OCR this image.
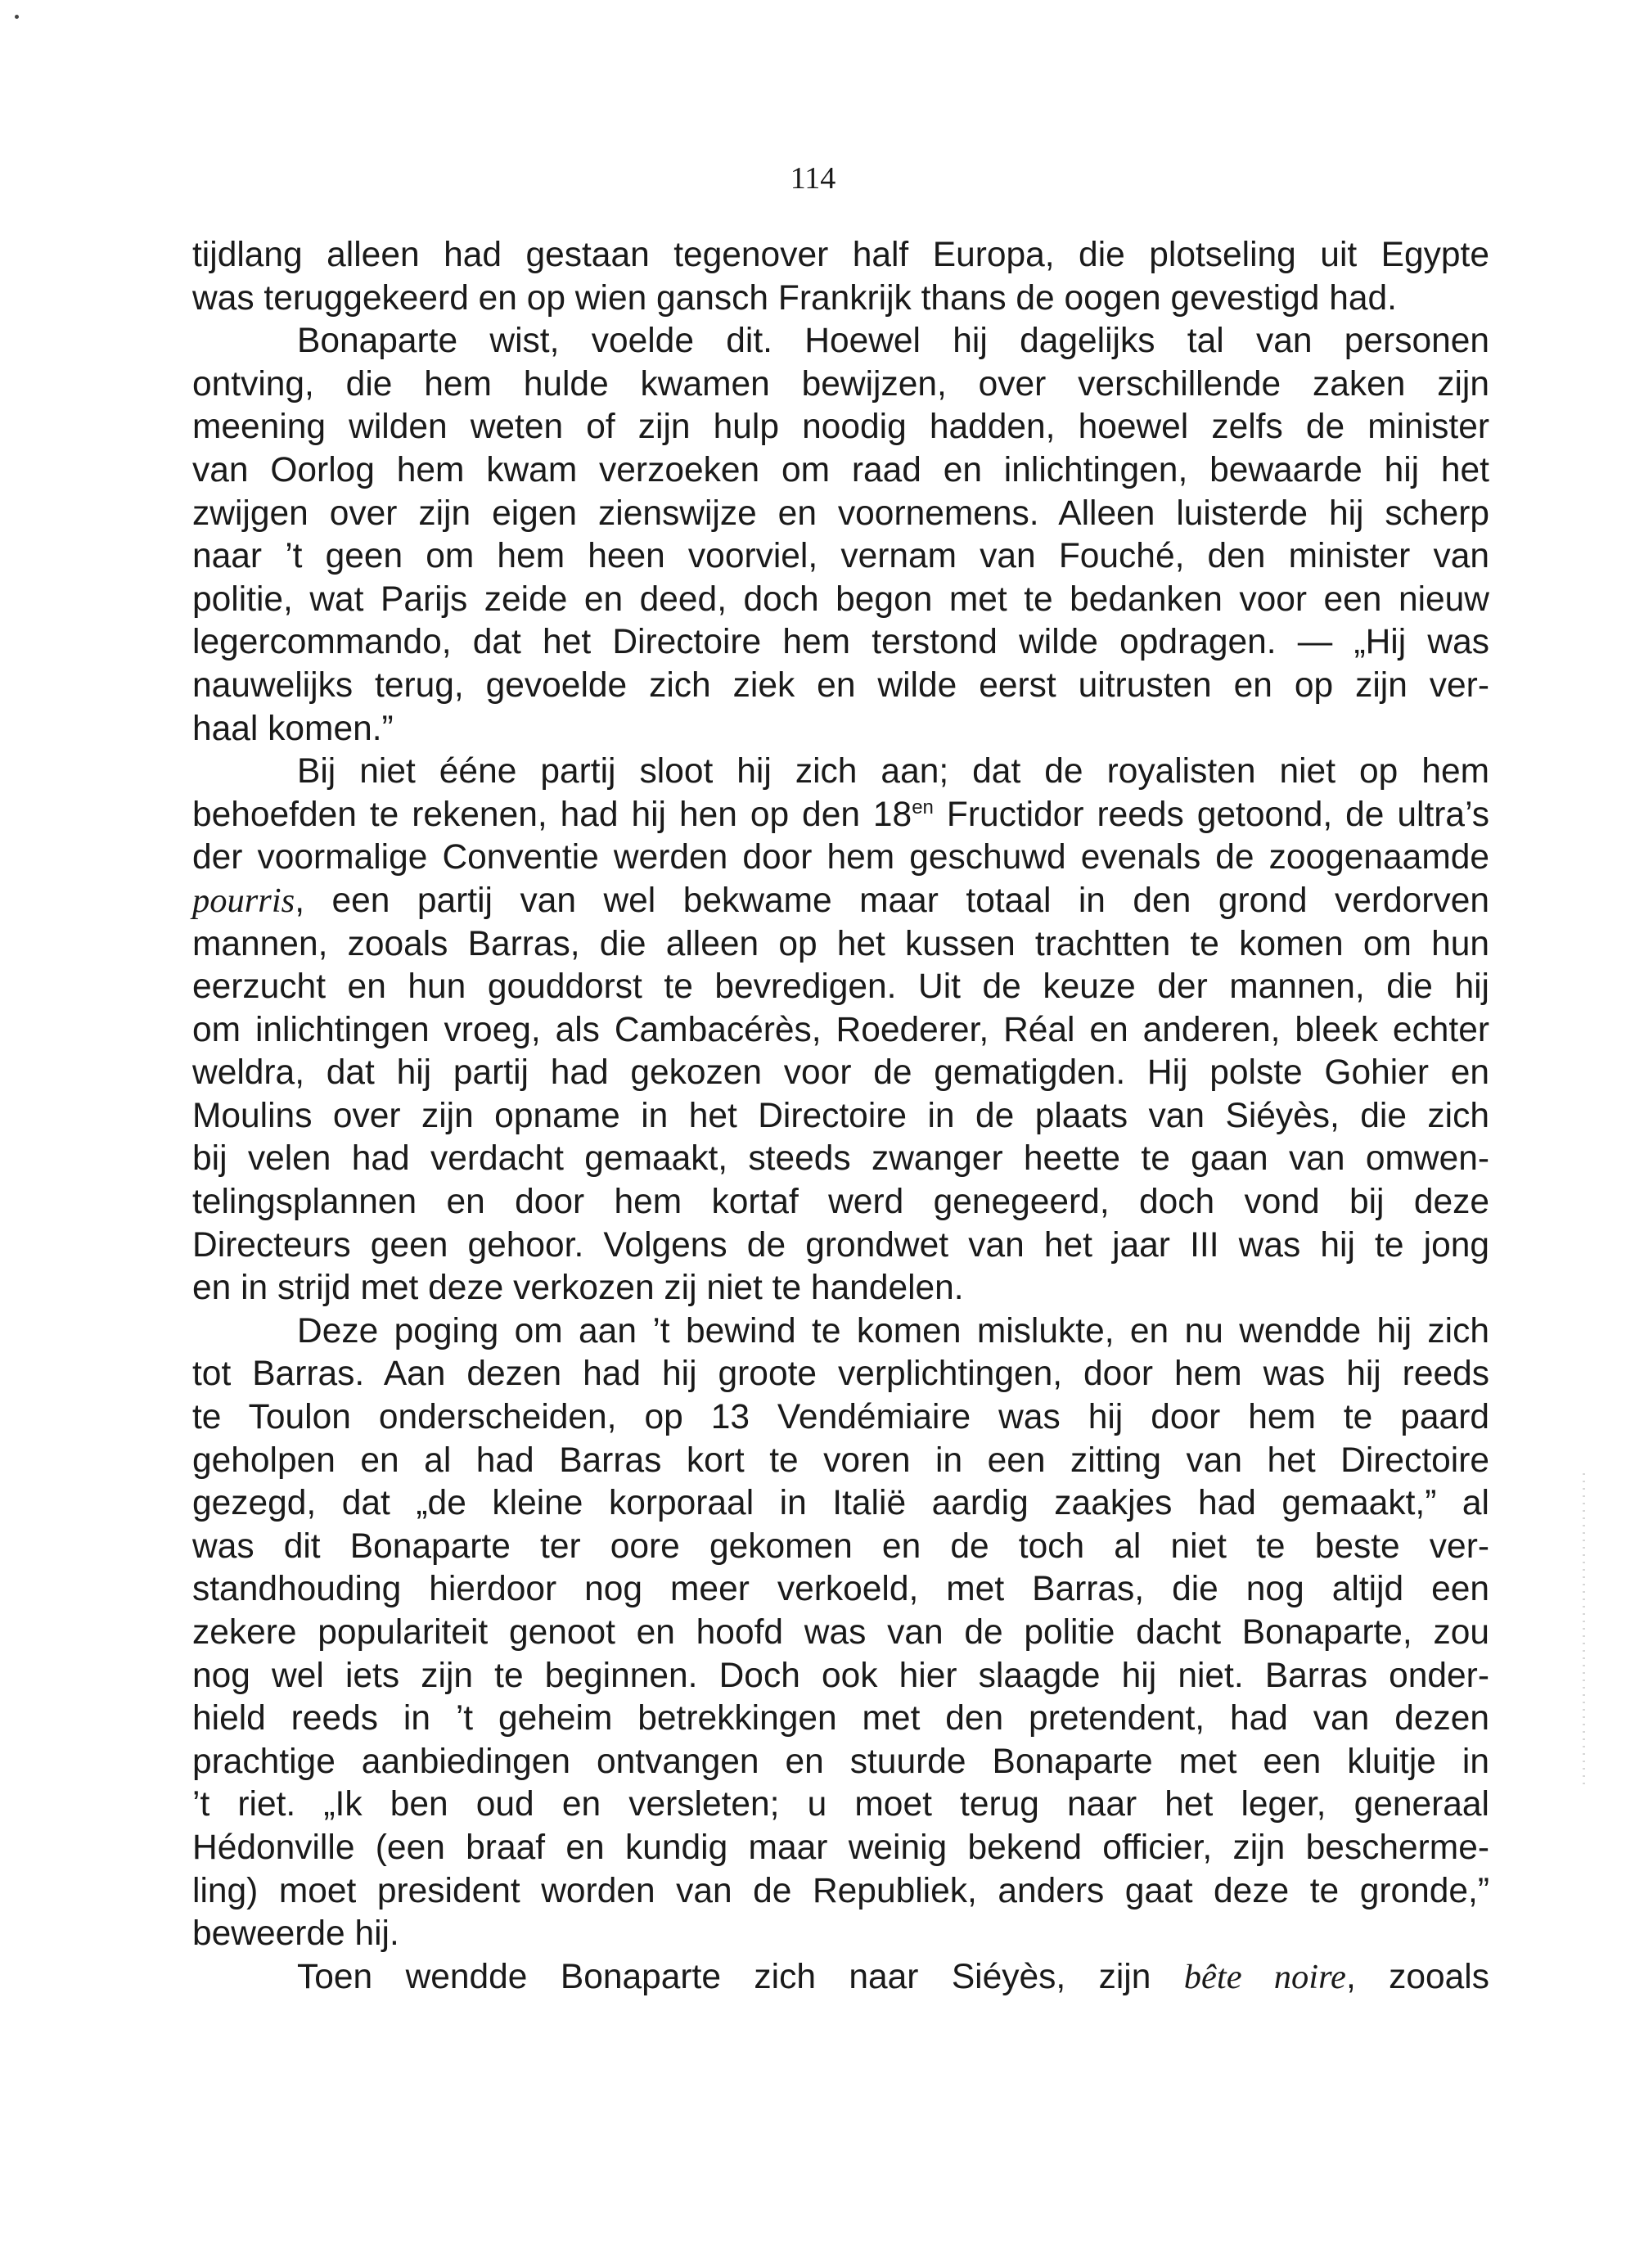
114
tijdlang alleen had gestaan tegenover half Europa, die plotseling uit Egypte
was teruggekeerd en op wien gansch Frankrijk thans de oogen gevestigd had.
Bonaparte wist, voelde dit. Hoewel hij dagelijks tal van personen
ontving, die hem hulde kwamen bewijzen, over verschillende zaken zijn
meening wilden weten of zijn hulp noodig hadden, hoewel zelfs de minister
van Oorlog hem kwam verzoeken om raad en inlichtingen, bewaarde hij het
zwijgen over zijn eigen zienswijze en voornemens. Alleen luisterde hij scherp
naar ’t geen om hem heen voorviel, vernam van Fouché, den minister van
politie, wat Parijs zeide en deed, doch begon met te bedanken voor een nieuw
legercommando, dat het Directoire hem terstond wilde opdragen. — „Hij was
nauwelijks terug, gevoelde zich ziek en wilde eerst uitrusten en op zijn ver-
haal komen.”
Bij niet ééne partij sloot hij zich aan; dat de royalisten niet op hem
behoefden te rekenen, had hij hen op den $18^{en}$ Fructidor reeds getoond, de ultra’s
der voormalige Conventie werden door hem geschuwd evenals de zoogenaamde
pourris, een partij van wel bekwame maar totaal in den grond verdorven
mannen, zooals Barras, die alleen op het kussen trachtten te komen om hun
eerzucht en hun gouddorst te bevredigen. Uit de keuze der mannen, die hij
om inlichtingen vroeg, als Cambacérès, Roederer, Réal en anderen, bleek echter
weldra, dat hij partij had gekozen voor de gematigden. Hij polste Gohier en
Moulins over zijn opname in het Directoire in de plaats van Siéyès, die zich
bij velen had verdacht gemaakt, steeds zwanger heette te gaan van omwen-
telingsplannen en door hem kortaf werd genegeerd, doch vond bij deze
Directeurs geen gehoor. Volgens de grondwet van het jaar III was hij te jong
en in strijd met deze verkozen zij niet te handelen.
Deze poging om aan ’t bewind te komen mislukte, en nu wendde hij zich
tot Barras. Aan dezen had hij groote verplichtingen, door hem was hij reeds
te Toulon onderscheiden, op 13 Vendémiaire was hij door hem te paard
geholpen en al had Barras kort te voren in een zitting van het Directoire
gezegd, dat „de kleine korporaal in Italië aardig zaakjes had gemaakt,” al
was dit Bonaparte ter oore gekomen en de toch al niet te beste ver-
standhouding hierdoor nog meer verkoeld, met Barras, die nog altijd een
zekere populariteit genoot en hoofd was van de politie dacht Bonaparte, zou
nog wel iets zijn te beginnen. Doch ook hier slaagde hij niet. Barras onder-
hield reeds in ’t geheim betrekkingen met den pretendent, had van dezen
prachtige aanbiedingen ontvangen en stuurde Bonaparte met een kluitje in
’t riet. „Ik ben oud en versleten; u moet terug naar het leger, generaal
Hédonville (een braaf en kundig maar weinig bekend officier, zijn bescherme-
ling) moet president worden van de Republiek, anders gaat deze te gronde,”
beweerde hij.
Toen wendde Bonaparte zich naar Siéyès, zijn bête noire, zooals
